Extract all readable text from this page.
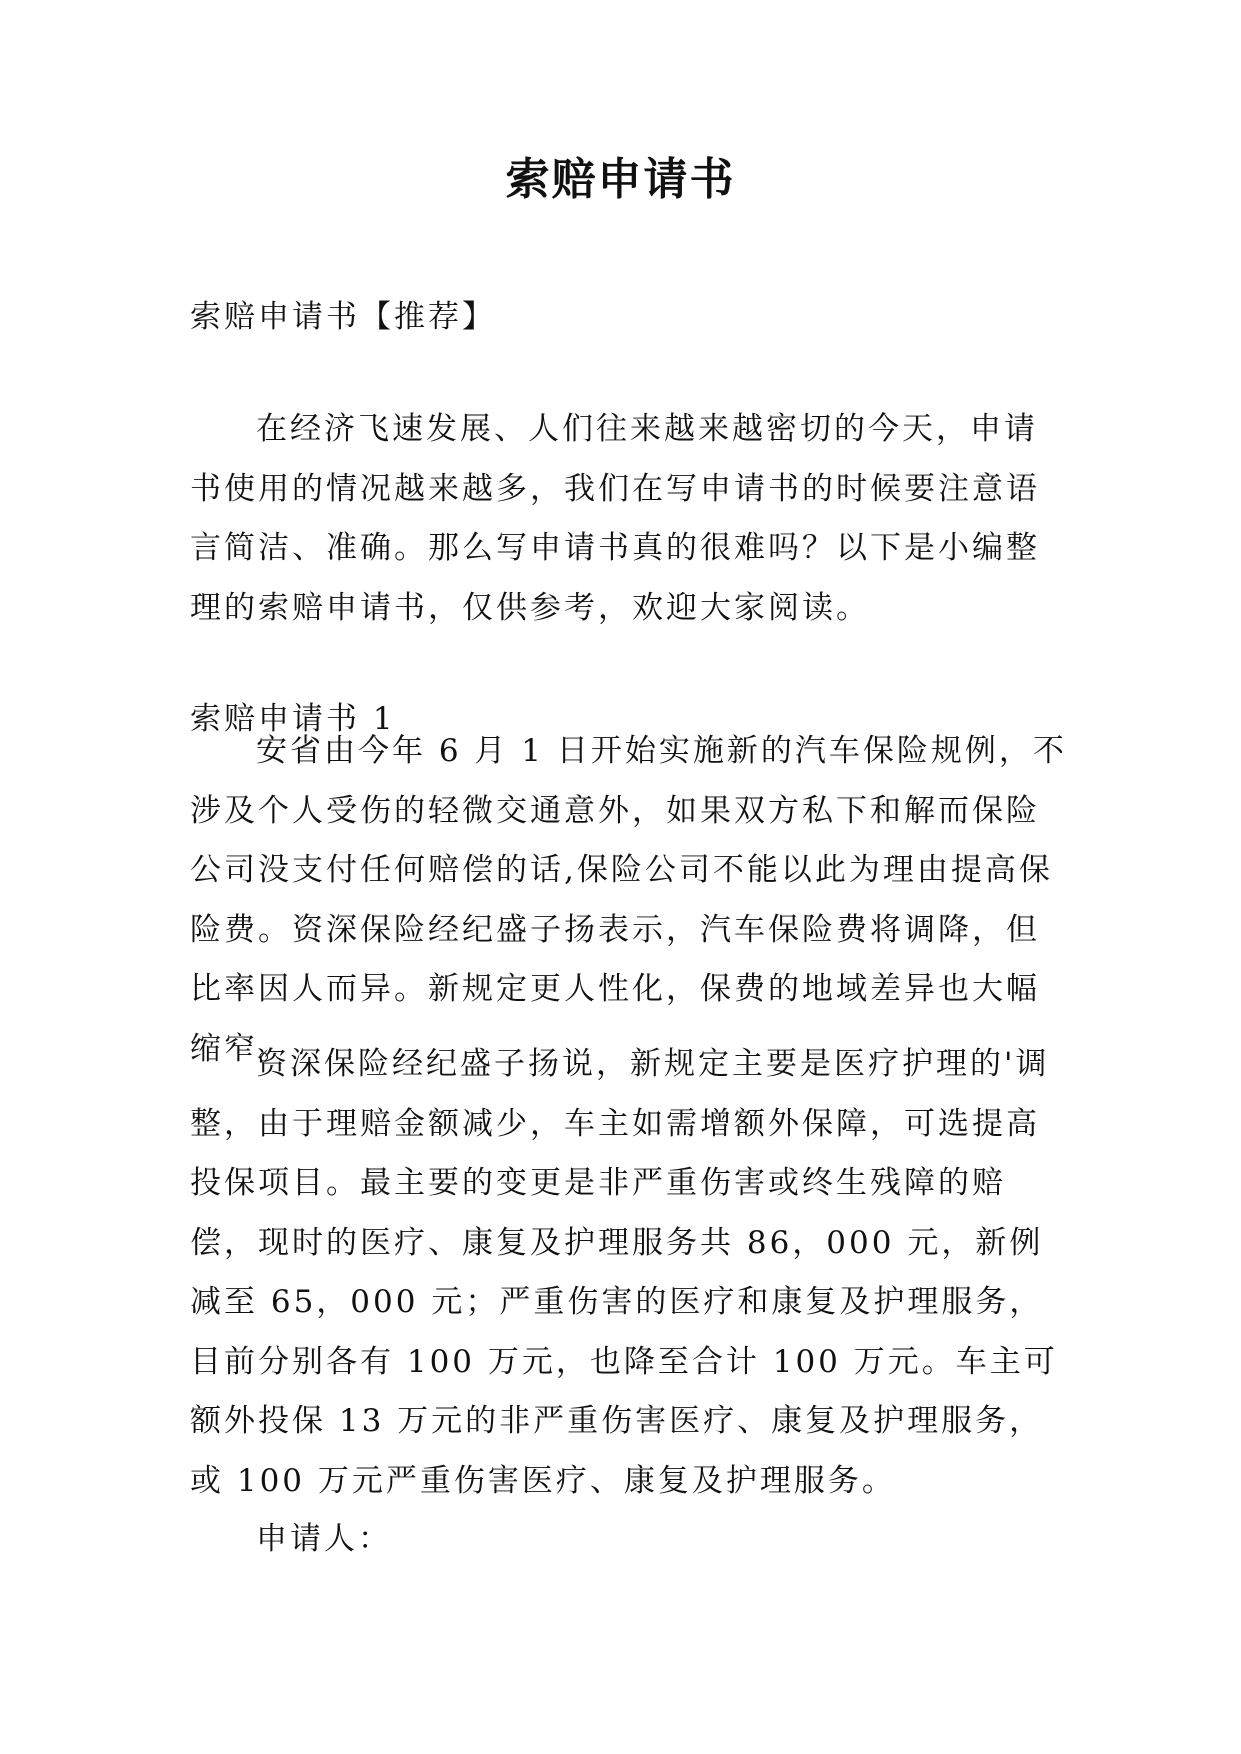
索赔申请书

索赔申请书【推荐】

在经济飞速发展、人们往来越来越密切的今天，申请书使用的情况越来越多，我们在写申请书的时候要注意语言简洁、准确。那么写申请书真的很难吗？以下是小编整理的索赔申请书，仅供参考，欢迎大家阅读。

索赔申请书 1

安省由今年 6 月 1 日开始实施新的汽车保险规例，不涉及个人受伤的轻微交通意外，如果双方私下和解而保险公司没支付任何赔偿的话,保险公司不能以此为理由提高保险费。资深保险经纪盛子扬表示，汽车保险费将调降，但比率因人而异。新规定更人性化，保费的地域差异也大幅缩窄。

资深保险经纪盛子扬说，新规定主要是医疗护理的'调整，由于理赔金额减少，车主如需增额外保障，可选提高投保项目。最主要的变更是非严重伤害或终生残障的赔偿，现时的医疗、康复及护理服务共 86，000 元，新例减至 65，000 元；严重伤害的医疗和康复及护理服务，目前分别各有 100 万元，也降至合计 100 万元。车主可额外投保 13 万元的非严重伤害医疗、康复及护理服务，或 100 万元严重伤害医疗、康复及护理服务。

申请人：
